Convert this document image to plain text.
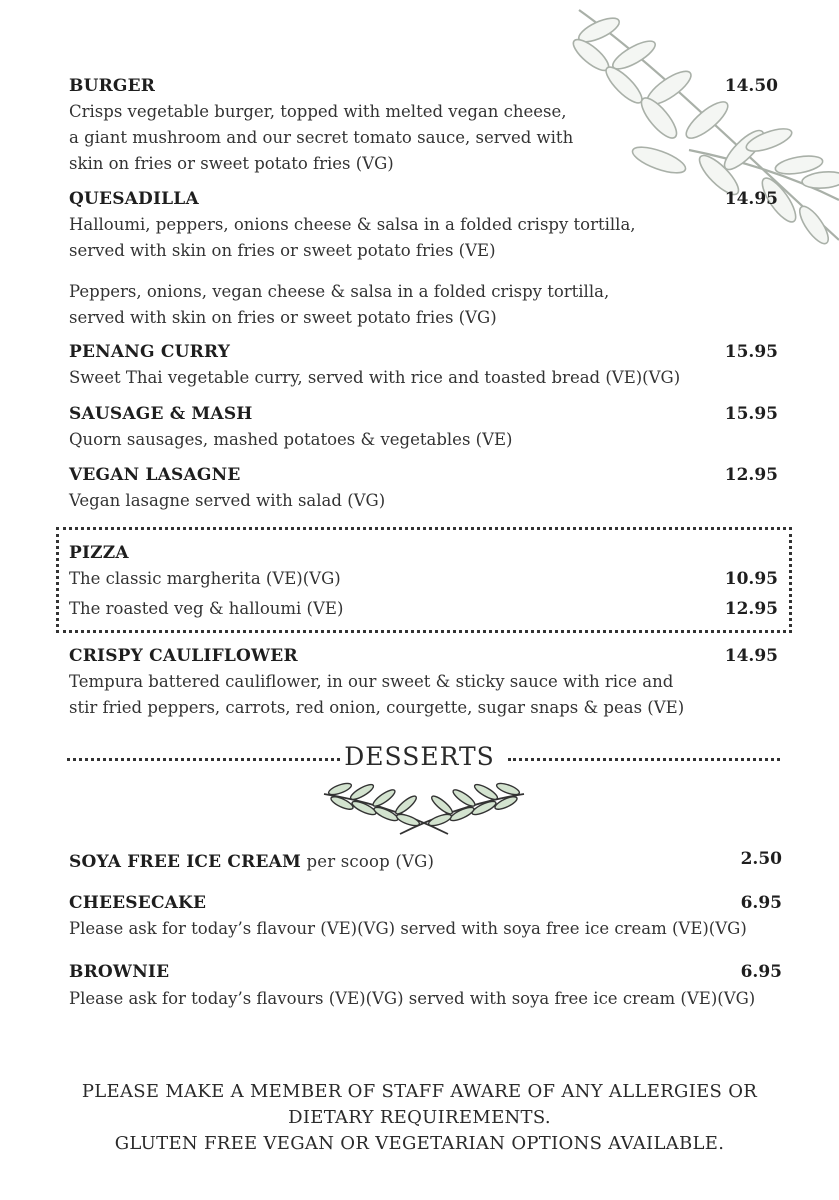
BURGER	14.50
Crisps vegetable burger, topped with melted vegan cheese,
a giant mushroom and our secret tomato sauce, served with
skin on fries or sweet potato fries (VG)
QUESADILLA	14.95
Halloumi, peppers, onions cheese & salsa in a folded crispy tortilla,
served with skin on fries or sweet potato fries (VE)
Peppers, onions, vegan cheese & salsa in a folded crispy tortilla,
served with skin on fries or sweet potato fries (VG)
PENANG CURRY	15.95
Sweet Thai vegetable curry, served with rice and toasted bread (VE)(VG)
SAUSAGE & MASH	15.95
Quorn sausages, mashed potatoes & vegetables (VE)
VEGAN LASAGNE	12.95
Vegan lasagne served with salad (VG)
PIZZA
The classic margherita (VE)(VG)	10.95
The roasted veg & halloumi (VE)	12.95
CRISPY CAULIFLOWER	14.95
Tempura battered cauliflower, in our sweet & sticky sauce with rice and
stir fried peppers, carrots, red onion, courgette, sugar snaps & peas (VE)
DESSERTS
SOYA FREE ICE CREAM per scoop (VG)	2.50
CHEESECAKE	6.95
Please ask for today’s flavour (VE)(VG) served with soya free ice cream (VE)(VG)
BROWNIE	6.95
Please ask for today’s flavours (VE)(VG) served with soya free ice cream (VE)(VG)
PLEASE MAKE A MEMBER OF STAFF AWARE OF ANY ALLERGIES OR
DIETARY REQUIREMENTS.
GLUTEN FREE VEGAN OR VEGETARIAN OPTIONS AVAILABLE.
